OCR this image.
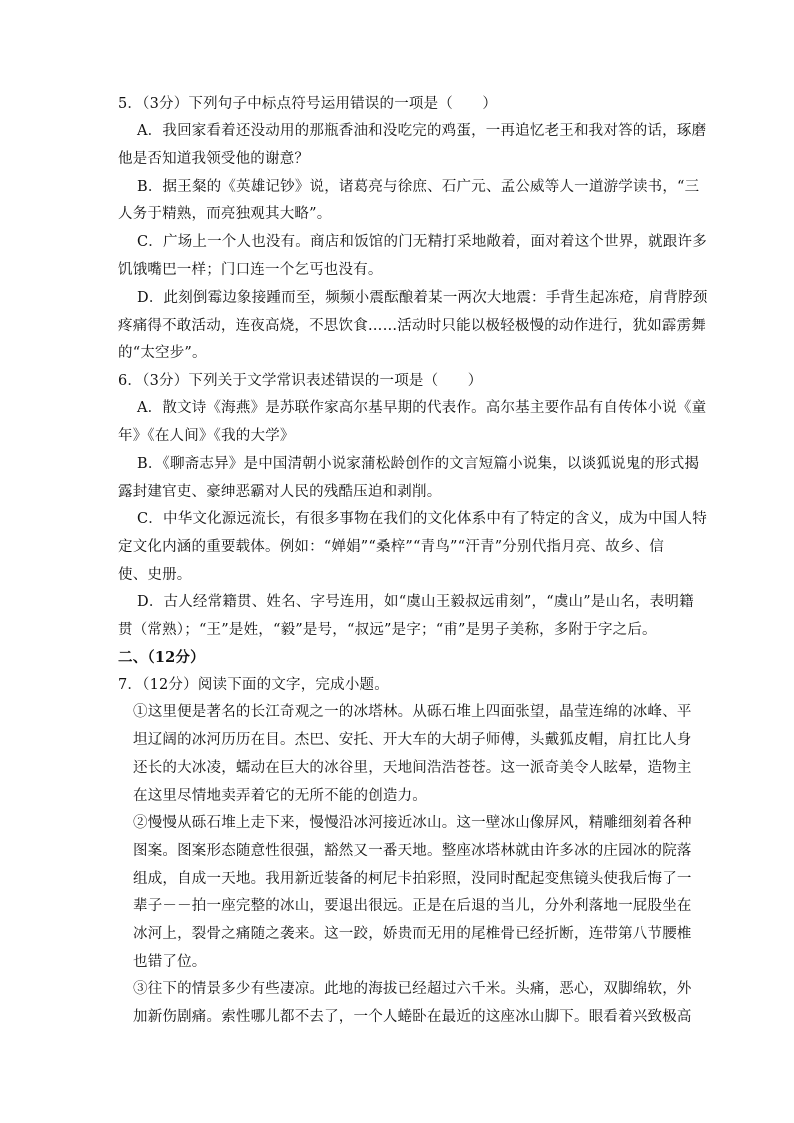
5．（3分）下列句子中标点符号运用错误的一项是（　　）
A．我回家看着还没动用的那瓶香油和没吃完的鸡蛋，一再追忆老王和我对答的话，琢磨
他是否知道我领受他的谢意？
B．据王粲的《英雄记钞》说，诸葛亮与徐庶、石广元、孟公威等人一道游学读书，“三
人务于精熟，而亮独观其大略”。
C．广场上一个人也没有。商店和饭馆的门无精打采地敞着，面对着这个世界，就跟许多
饥饿嘴巴一样；门口连一个乞丐也没有。
D．此刻倒霉边象接踵而至，频频小震酝酿着某一两次大地震：手背生起冻疮，肩背脖颈
疼痛得不敢活动，连夜高烧，不思饮食……活动时只能以极轻极慢的动作进行，犹如霹雳舞
的“太空步”。
6．（3分）下列关于文学常识表述错误的一项是（　　）
A．散文诗《海燕》是苏联作家高尔基早期的代表作。高尔基主要作品有自传体小说《童
年》《在人间》《我的大学》
B．《聊斋志异》是中国清朝小说家蒲松龄创作的文言短篇小说集，以谈狐说鬼的形式揭
露封建官吏、豪绅恶霸对人民的残酷压迫和剥削。
C．中华文化源远流长，有很多事物在我们的文化体系中有了特定的含义，成为中国人特
定文化内涵的重要载体。例如：“婵娟”“桑梓”“青鸟”“汗青”分别代指月亮、故乡、信
使、史册。
D．古人经常籍贯、姓名、字号连用，如“虞山王毅叔远甫刻”，“虞山”是山名，表明籍
贯（常熟）；“王”是姓，“毅”是号，“叔远”是字；“甫”是男子美称，多附于字之后。
二、（12分）
7．（12分）阅读下面的文字，完成小题。
①这里便是著名的长江奇观之一的冰塔林。从砾石堆上四面张望，晶莹连绵的冰峰、平
坦辽阔的冰河历历在目。杰巴、安托、开大车的大胡子师傅，头戴狐皮帽，肩扛比人身
还长的大冰凌，蠕动在巨大的冰谷里，天地间浩浩苍苍。这一派奇美令人眩晕，造物主
在这里尽情地卖弄着它的无所不能的创造力。
②慢慢从砾石堆上走下来，慢慢沿冰河接近冰山。这一壁冰山像屏风，精雕细刻着各种
图案。图案形态随意性很强，豁然又一番天地。整座冰塔林就由许多冰的庄园冰的院落
组成，自成一天地。我用新近装备的柯尼卡拍彩照，没同时配起变焦镜头使我后悔了一
辈子－－拍一座完整的冰山，要退出很远。正是在后退的当儿，分外利落地一屁股坐在
冰河上，裂骨之痛随之袭来。这一跤，娇贵而无用的尾椎骨已经折断，连带第八节腰椎
也错了位。
③往下的情景多少有些凄凉。此地的海拔已经超过六千米。头痛，恶心，双脚绵软，外
加新伤剧痛。索性哪儿都不去了，一个人蜷卧在最近的这座冰山脚下。眼看着兴致极高
